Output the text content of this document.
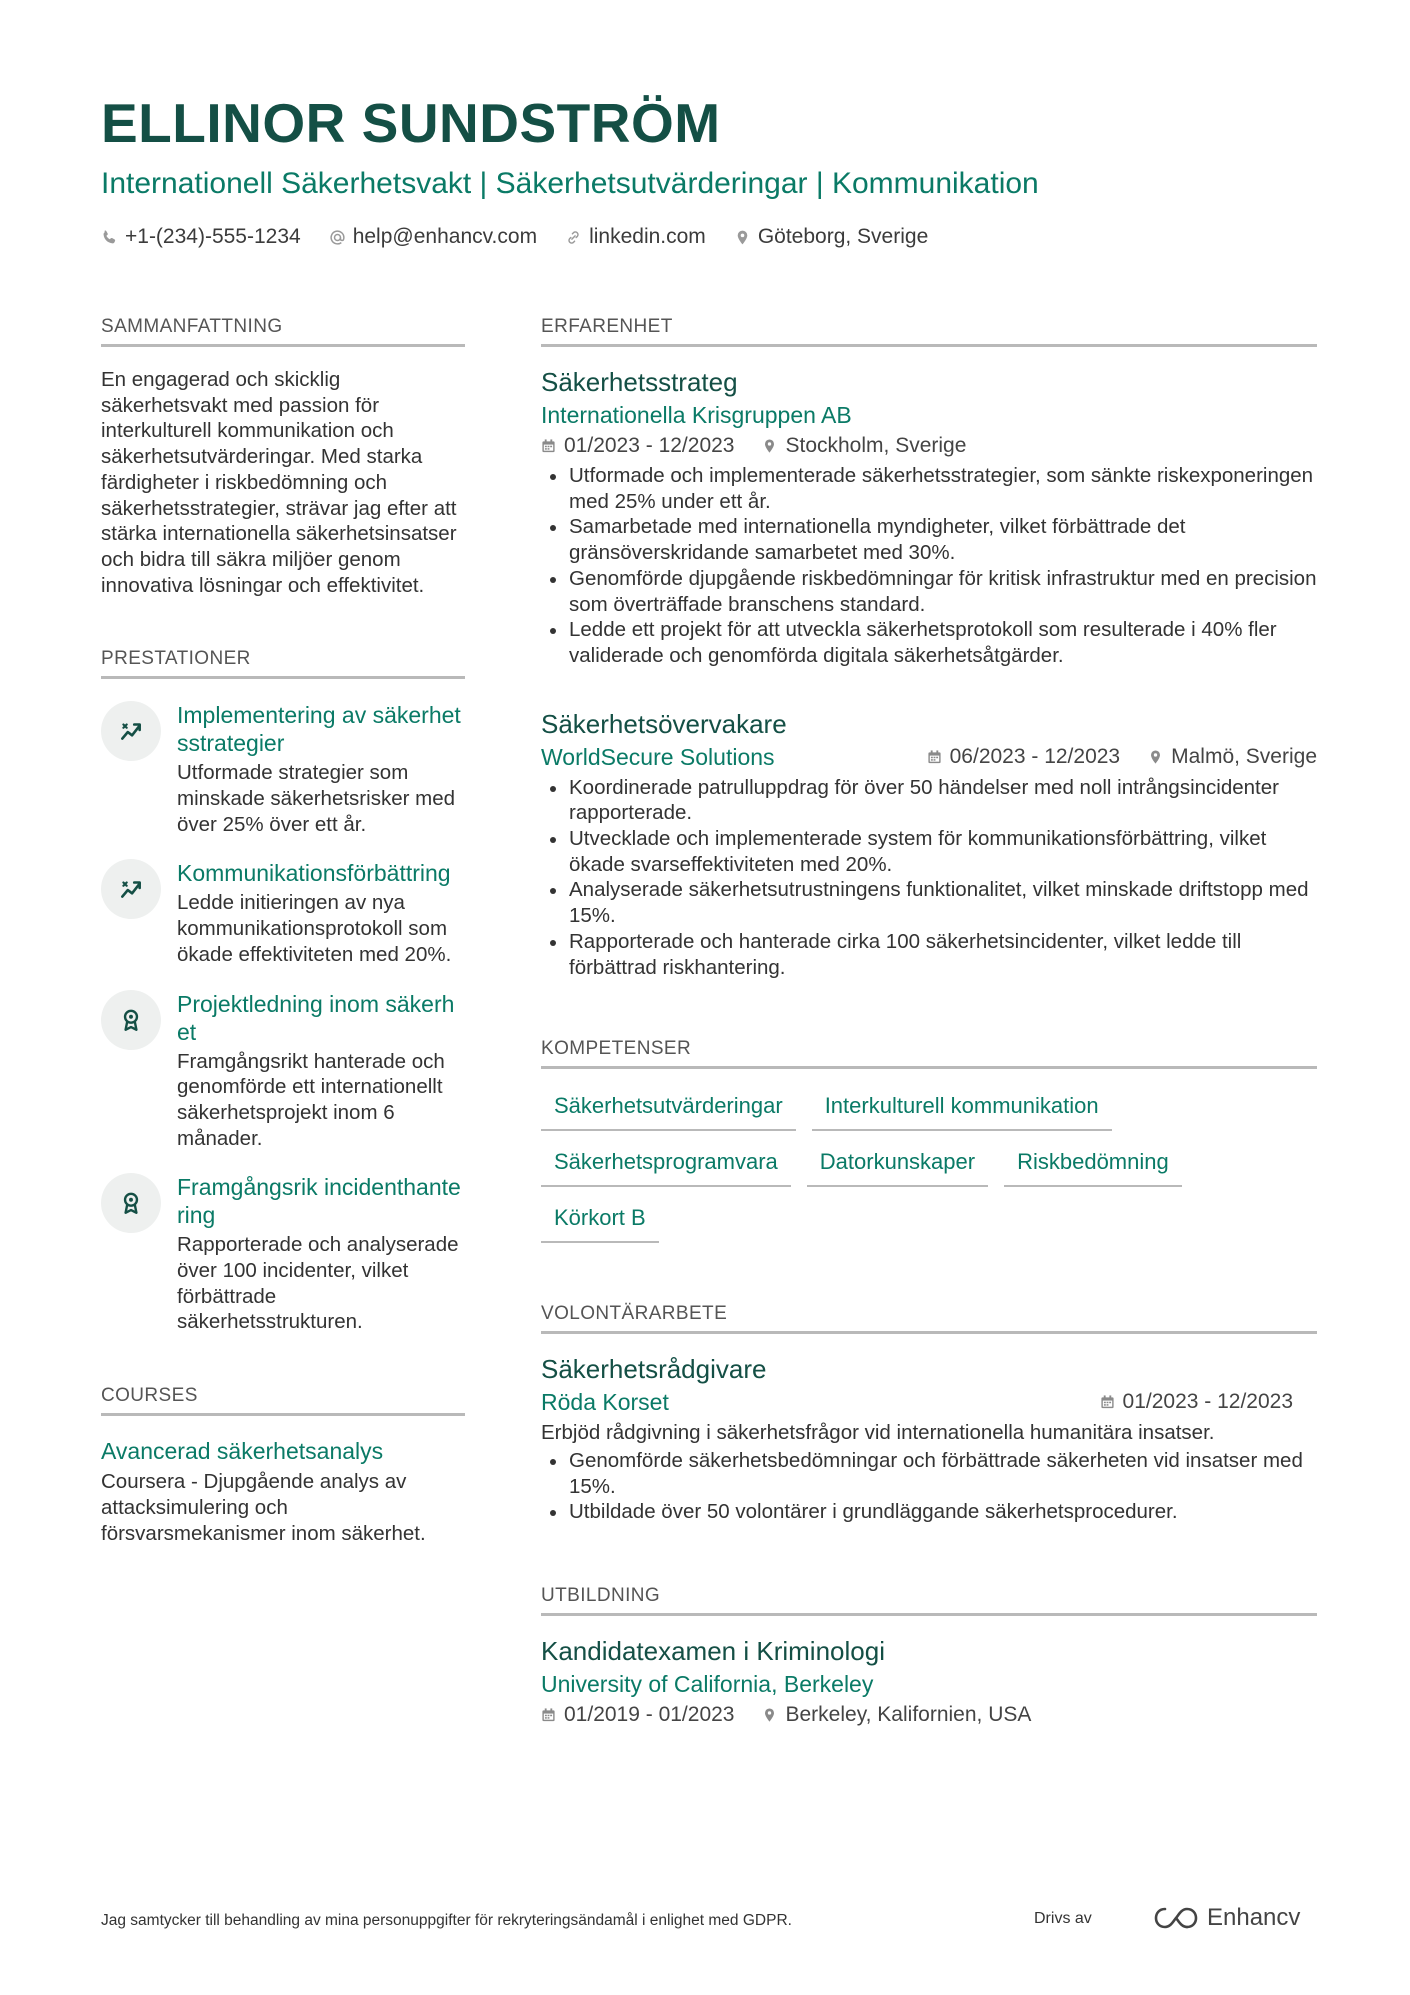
ELLINOR SUNDSTRÖM
Internationell Säkerhetsvakt | Säkerhetsutvärderingar | Kommunikation
+1-(234)-555-1234 help@enhancv.com linkedin.com Göteborg, Sverige
SAMMANFATTNING
En engagerad och skicklig säkerhetsvakt med passion för interkulturell kommunikation och säkerhetsutvärderingar. Med starka färdigheter i riskbedömning och säkerhetsstrategier, strävar jag efter att stärka internationella säkerhetsinsatser och bidra till säkra miljöer genom innovativa lösningar och effektivitet.
PRESTATIONER
Implementering av säkerhetsstrategier
Utformade strategier som minskade säkerhetsrisker med över 25% över ett år.
Kommunikationsförbättring
Ledde initieringen av nya kommunikationsprotokoll som ökade effektiviteten med 20%.
Projektledning inom säkerhet
Framgångsrikt hanterade och genomförde ett internationellt säkerhetsprojekt inom 6 månader.
Framgångsrik incidenthantering
Rapporterade och analyserade över 100 incidenter, vilket förbättrade säkerhetsstrukturen.
COURSES
Avancerad säkerhetsanalys
Coursera - Djupgående analys av attacksimulering och försvarsmekanismer inom säkerhet.
ERFARENHET
Säkerhetsstrateg
Internationella Krisgruppen AB
01/2023 - 12/2023 Stockholm, Sverige
Utformade och implementerade säkerhetsstrategier, som sänkte riskexponeringen med 25% under ett år.
Samarbetade med internationella myndigheter, vilket förbättrade det gränsöverskridande samarbetet med 30%.
Genomförde djupgående riskbedömningar för kritisk infrastruktur med en precision som överträffade branschens standard.
Ledde ett projekt för att utveckla säkerhetsprotokoll som resulterade i 40% fler validerade och genomförda digitala säkerhetsåtgärder.
Säkerhetsövervakare
WorldSecure Solutions	06/2023 - 12/2023 Malmö, Sverige
Koordinerade patrulluppdrag för över 50 händelser med noll intrångsincidenter rapporterade.
Utvecklade och implementerade system för kommunikationsförbättring, vilket ökade svarseffektiviteten med 20%.
Analyserade säkerhetsutrustningens funktionalitet, vilket minskade driftstopp med 15%.
Rapporterade och hanterade cirka 100 säkerhetsincidenter, vilket ledde till förbättrad riskhantering.
KOMPETENSER
Säkerhetsutvärderingar	Interkulturell kommunikation
Säkerhetsprogramvara	Datorkunskaper	Riskbedömning
Körkort B
VOLONTÄRARBETE
Säkerhetsrådgivare
Röda Korset	01/2023 - 12/2023
Erbjöd rådgivning i säkerhetsfrågor vid internationella humanitära insatser.
Genomförde säkerhetsbedömningar och förbättrade säkerheten vid insatser med 15%.
Utbildade över 50 volontärer i grundläggande säkerhetsprocedurer.
UTBILDNING
Kandidatexamen i Kriminologi
University of California, Berkeley
01/2019 - 01/2023 Berkeley, Kalifornien, USA
Jag samtycker till behandling av mina personuppgifter för rekryteringsändamål i enlighet med GDPR.	Drivs av	Enhancv
